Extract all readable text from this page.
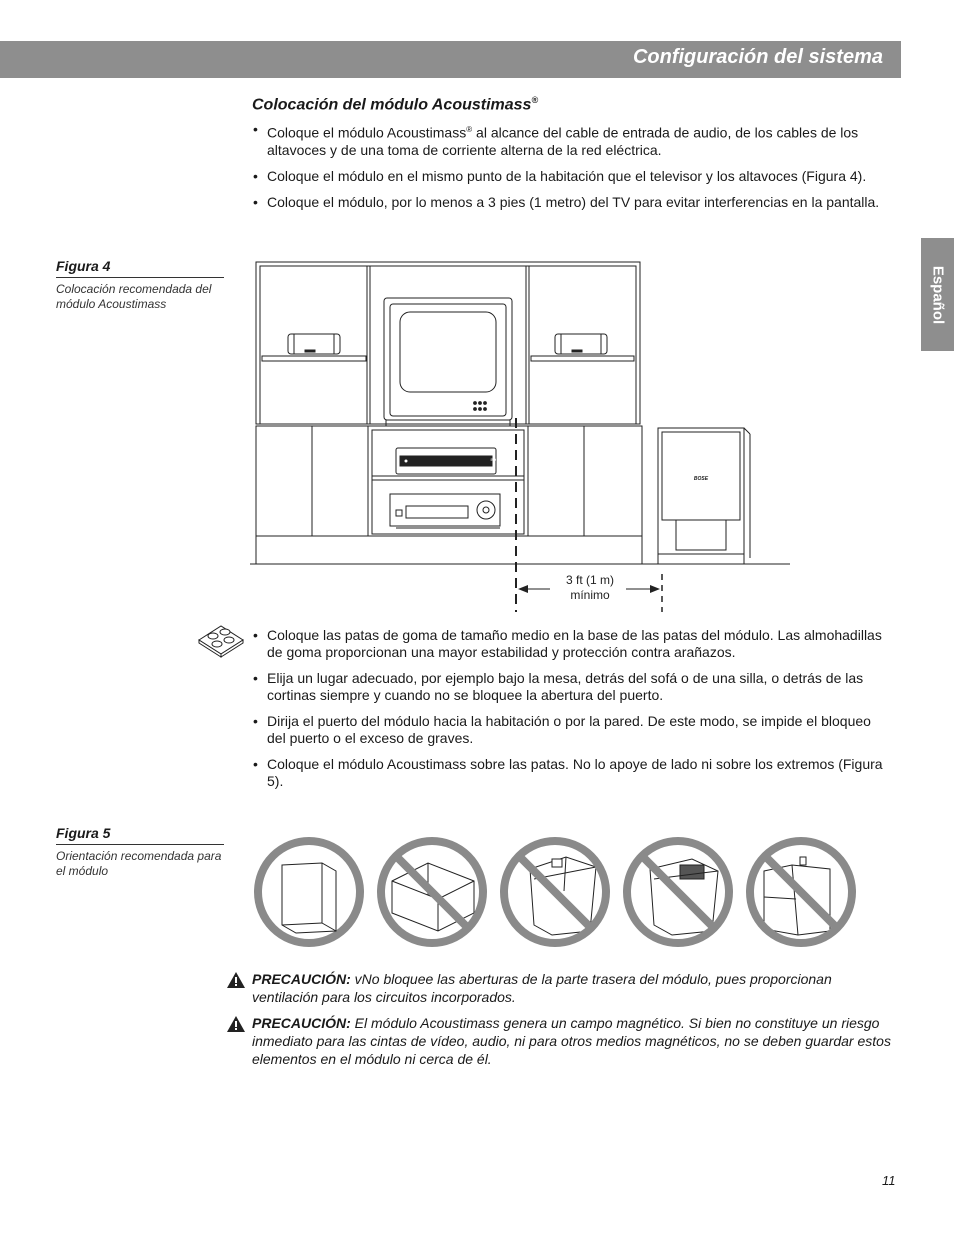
Configuración del sistema
Español
Colocación del módulo Acoustimass®
• Coloque el módulo Acoustimass® al alcance del cable de entrada de audio, de los cables de los altavoces y de una toma de corriente alterna de la red eléctrica.
• Coloque el módulo en el mismo punto de la habitación que el televisor y los altavoces (Figura 4).
• Coloque el módulo, por lo menos a 3 pies (1 metro) del TV para evitar interferencias en la pantalla.
Figura 4
Colocación recomendada del módulo Acoustimass
BOSE
BOSE
3 ft (1 m)
mínimo
• Coloque las patas de goma de tamaño medio en la base de las patas del módulo. Las almohadillas de goma proporcionan una mayor estabilidad y protección contra arañazos.
• Elija un lugar adecuado, por ejemplo bajo la mesa, detrás del sofá o de una silla, o detrás de las cortinas siempre y cuando no se bloquee la abertura del puerto.
• Dirija el puerto del módulo hacia la habitación o por la pared. De este modo, se impide el bloqueo del puerto o el exceso de graves.
• Coloque el módulo Acoustimass sobre las patas. No lo apoye de lado ni sobre los extremos (Figura 5).
Figura 5
Orientación recomendada para el módulo
PRECAUCIÓN: vNo bloquee las aberturas de la parte trasera del módulo, pues proporcionan ventilación para los circuitos incorporados.
PRECAUCIÓN: El módulo Acoustimass genera un campo magnético. Si bien no constituye un riesgo inmediato para las cintas de vídeo, audio, ni para otros medios magnéticos, no se deben guardar estos elementos en el módulo ni cerca de él.
11
